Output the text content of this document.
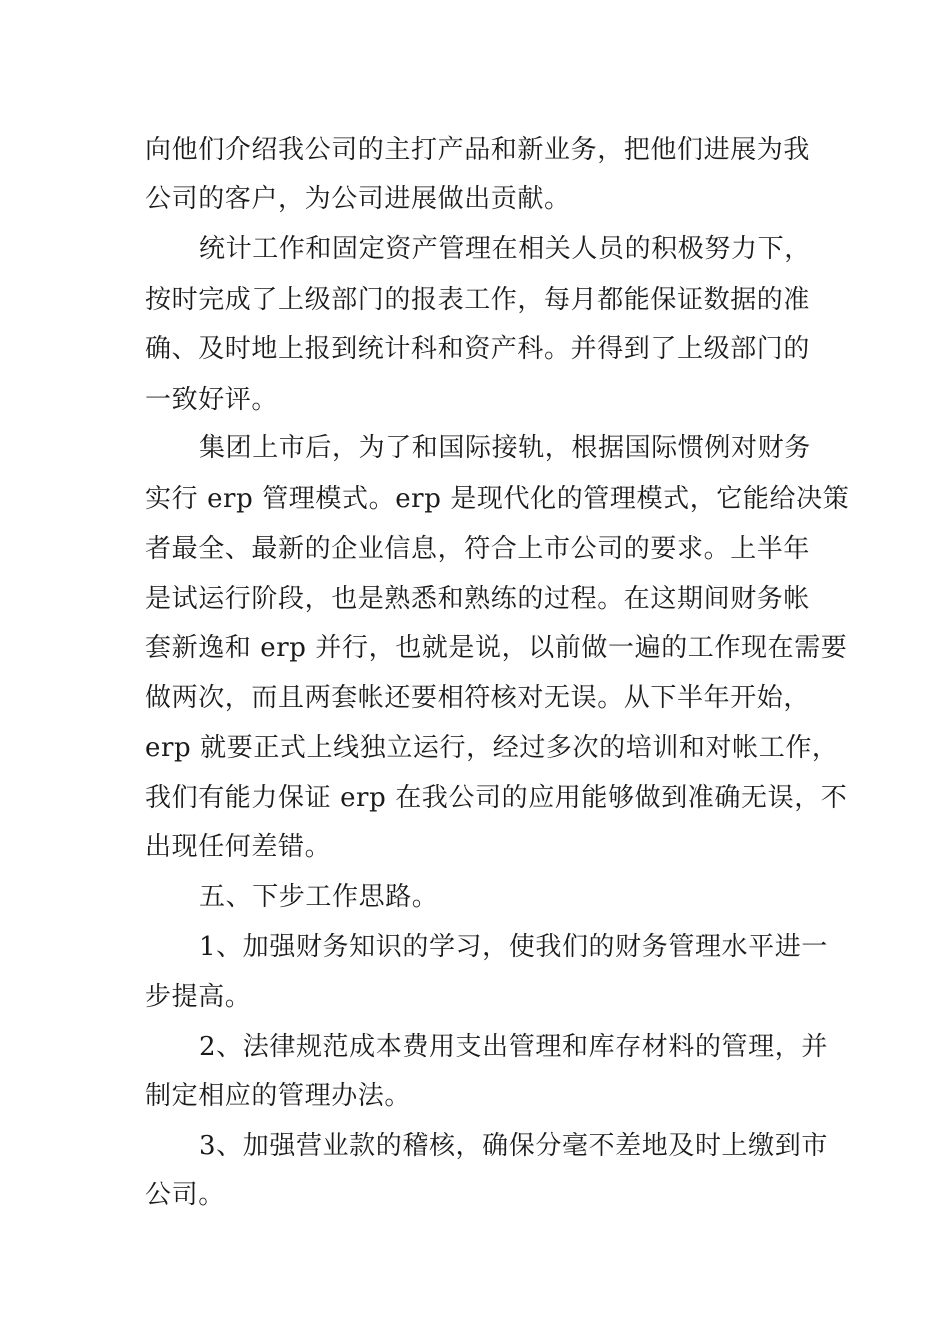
向他们介绍我公司的主打产品和新业务，把他们进展为我

公司的客户，为公司进展做出贡献。

统计工作和固定资产管理在相关人员的积极努力下，

按时完成了上级部门的报表工作，每月都能保证数据的准

确、及时地上报到统计科和资产科。并得到了上级部门的

一致好评。

集团上市后，为了和国际接轨，根据国际惯例对财务

实行 erp 管理模式。erp 是现代化的管理模式，它能给决策

者最全、最新的企业信息，符合上市公司的要求。上半年

是试运行阶段，也是熟悉和熟练的过程。在这期间财务帐

套新逸和 erp 并行，也就是说，以前做一遍的工作现在需要

做两次，而且两套帐还要相符核对无误。从下半年开始，

erp 就要正式上线独立运行，经过多次的培训和对帐工作，

我们有能力保证 erp 在我公司的应用能够做到准确无误，不

出现任何差错。

五、下步工作思路。

1、加强财务知识的学习，使我们的财务管理水平进一

步提高。

2、法律规范成本费用支出管理和库存材料的管理，并

制定相应的管理办法。

3、加强营业款的稽核，确保分毫不差地及时上缴到市

公司。
